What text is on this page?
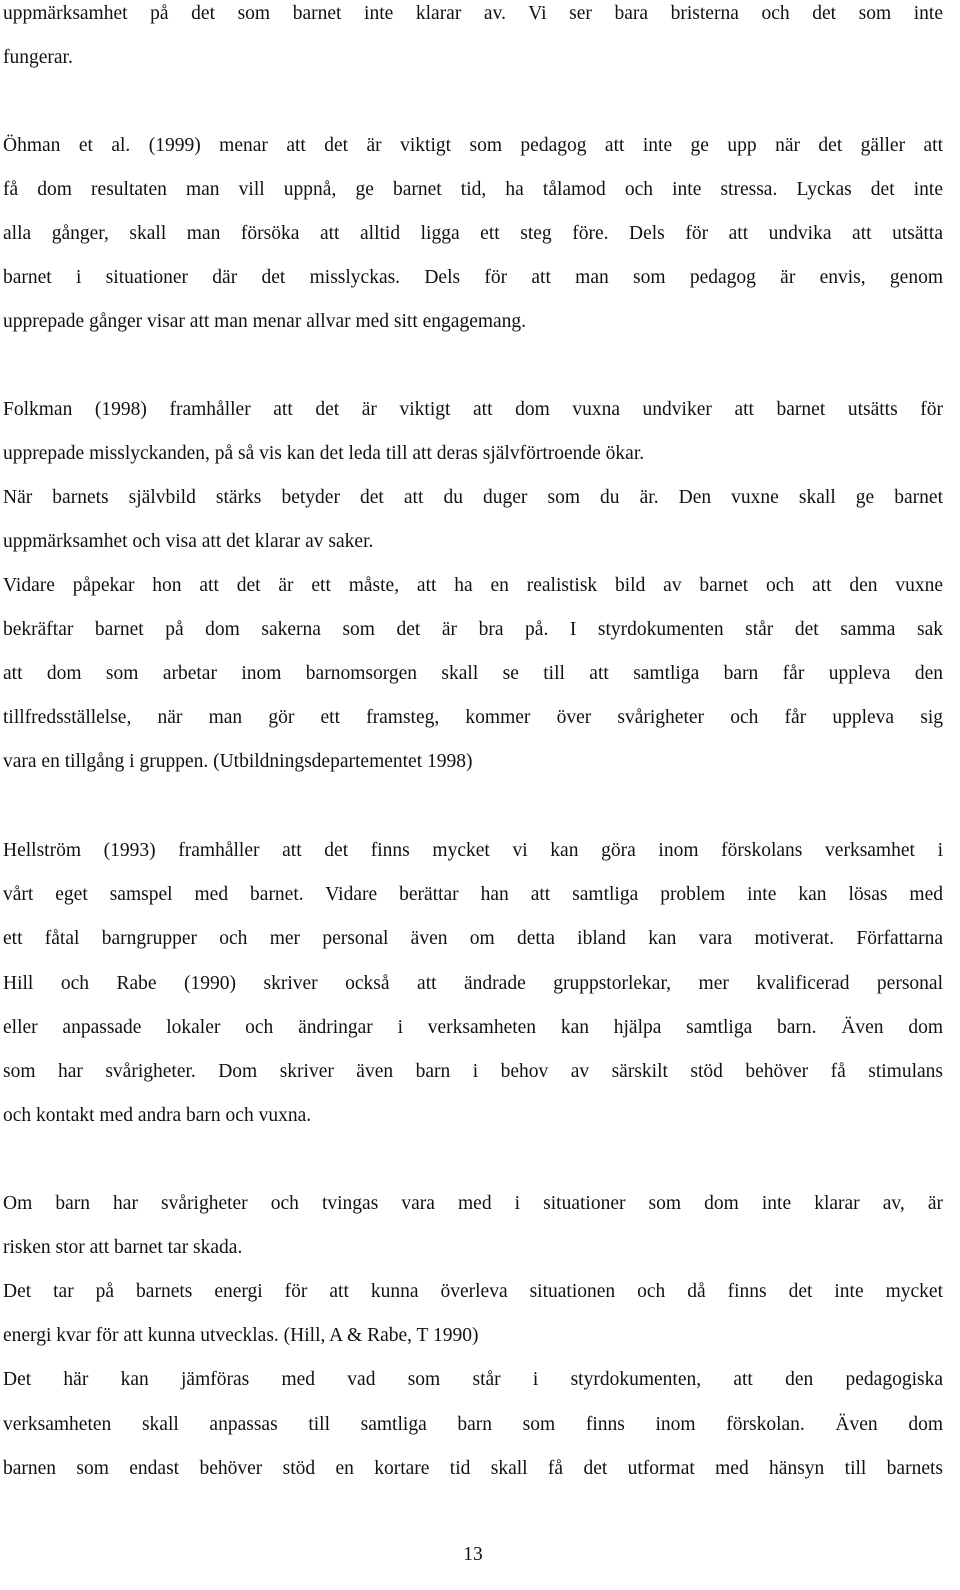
uppmärksamhet på det som barnet inte klarar av. Vi ser bara bristerna och det som inte
fungerar.
Öhman et al. (1999) menar att det är viktigt som pedagog att inte ge upp när det gäller att
få dom resultaten man vill uppnå, ge barnet tid, ha tålamod och inte stressa. Lyckas det inte
alla gånger, skall man försöka att alltid ligga ett steg före. Dels för att undvika att utsätta
barnet i situationer där det misslyckas. Dels för att man som pedagog är envis, genom
upprepade gånger visar att man menar allvar med sitt engagemang.
Folkman (1998) framhåller att det är viktigt att dom vuxna undviker att barnet utsätts för
upprepade misslyckanden, på så vis kan det leda till att deras självförtroende ökar.
När barnets självbild stärks betyder det att du duger som du är. Den vuxne skall ge barnet
uppmärksamhet och visa att det klarar av saker.
Vidare påpekar hon att det är ett måste, att ha en realistisk bild av barnet och att den vuxne
bekräftar barnet på dom sakerna som det är bra på. I styrdokumenten står det samma sak
att dom som arbetar inom barnomsorgen skall se till att samtliga barn får uppleva den
tillfredsställelse, när man gör ett framsteg, kommer över svårigheter och får uppleva sig
vara en tillgång i gruppen. (Utbildningsdepartementet 1998)
Hellström (1993) framhåller att det finns mycket vi kan göra inom förskolans verksamhet i
vårt eget samspel med barnet. Vidare berättar han att samtliga problem inte kan lösas med
ett fåtal barngrupper och mer personal även om detta ibland kan vara motiverat. Författarna
Hill och Rabe (1990) skriver också att ändrade gruppstorlekar, mer kvalificerad personal
eller anpassade lokaler och ändringar i verksamheten kan hjälpa samtliga barn. Även dom
som har svårigheter. Dom skriver även barn i behov av särskilt stöd behöver få stimulans
och kontakt med andra barn och vuxna.
Om barn har svårigheter och tvingas vara med i situationer som dom inte klarar av, är
risken stor att barnet tar skada.
Det tar på barnets energi för att kunna överleva situationen och då finns det inte mycket
energi kvar för att kunna utvecklas. (Hill, A & Rabe, T 1990)
Det här kan jämföras med vad som står i styrdokumenten, att den pedagogiska
verksamheten skall anpassas till samtliga barn som finns inom förskolan. Även dom
barnen som endast behöver stöd en kortare tid skall få det utformat med hänsyn till barnets
13
